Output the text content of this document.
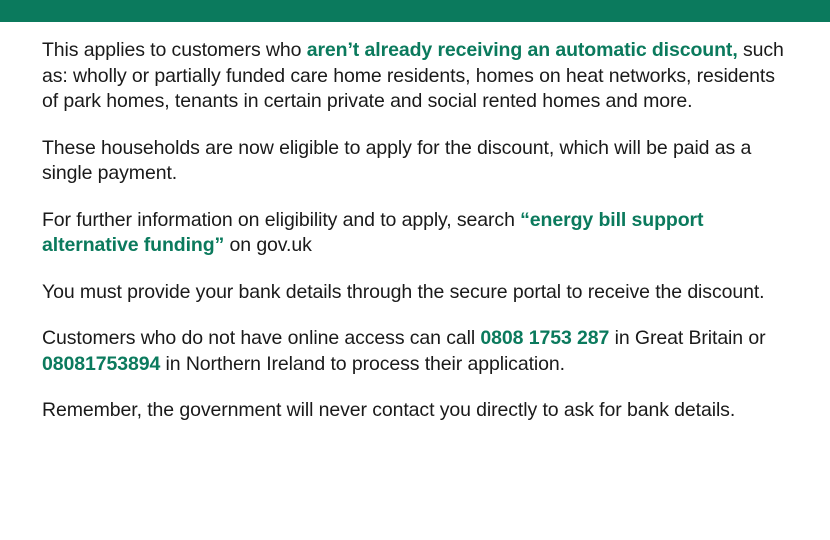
This applies to customers who aren’t already receiving an automatic discount, such as: wholly or partially funded care home residents, homes on heat networks, residents of park homes, tenants in certain private and social rented homes and more.

These households are now eligible to apply for the discount, which will be paid as a single payment.

For further information on eligibility and to apply, search “energy bill support alternative funding” on gov.uk

You must provide your bank details through the secure portal to receive the discount.

Customers who do not have online access can call 0808 1753 287 in Great Britain or 08081753894 in Northern Ireland to process their application.

Remember, the government will never contact you directly to ask for bank details.
